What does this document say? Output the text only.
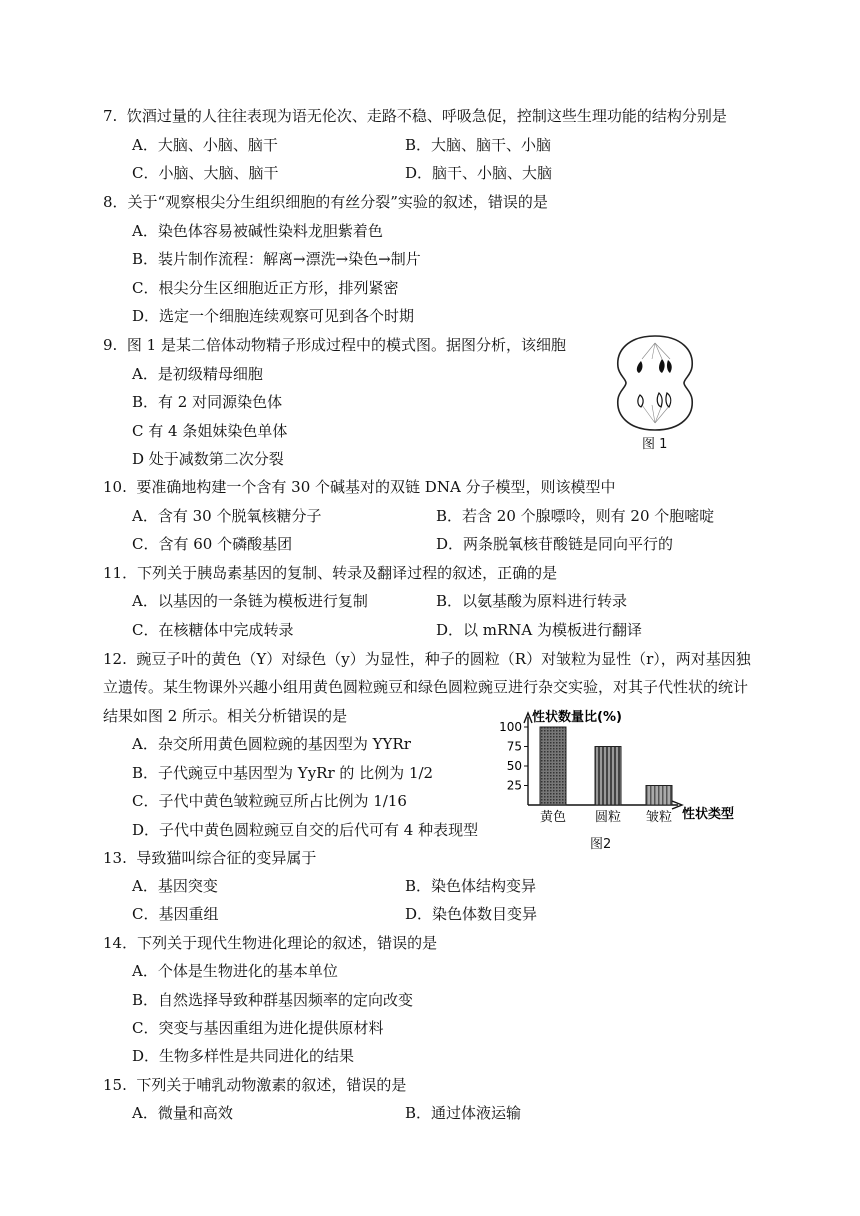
7. 饮酒过量的人往往表现为语无伦次、走路不稳、呼吸急促，控制这些生理功能的结构分别是
A．大脑、小脑、脑干	B．大脑、脑干、小脑
C．小脑、大脑、脑干	D．脑干、小脑、大脑
8．关于“观察根尖分生组织细胞的有丝分裂”实验的叙述，错误的是
A．染色体容易被碱性染料龙胆紫着色
B．装片制作流程：解离→漂洗→染色→制片
C．根尖分生区细胞近正方形，排列紧密
D．选定一个细胞连续观察可见到各个时期
9. 图 1 是某二倍体动物精子形成过程中的模式图。据图分析，该细胞
A．是初级精母细胞
B．有 2 对同源染色体
C 有 4 条姐妹染色单体
D 处于减数第二次分裂
图 1
10. 要准确地构建一个含有 30 个碱基对的双链 DNA 分子模型，则该模型中
A．含有 30 个脱氧核糖分子	B．若含 20 个腺嘌呤，则有 20 个胞嘧啶
C．含有 60 个磷酸基团	D．两条脱氧核苷酸链是同向平行的
11．下列关于胰岛素基因的复制、转录及翻译过程的叙述，正确的是
A．以基因的一条链为模板进行复制	B．以氨基酸为原料进行转录
C．在核糖体中完成转录	D．以 mRNA 为模板进行翻译
12. 豌豆子叶的黄色（Y）对绿色（y）为显性，种子的圆粒（R）对皱粒为显性（r），两对基因独
立遗传。某生物课外兴趣小组用黄色圆粒豌豆和绿色圆粒豌豆进行杂交实验，对其子代性状的统计
结果如图 2 所示。相关分析错误的是
A．杂交所用黄色圆粒豌的基因型为 YYRr
B．子代豌豆中基因型为 YyRr 的 比例为 1/2
C．子代中黄色皱粒豌豆所占比例为 1/16
D．子代中黄色圆粒豌豆自交的后代可有 4 种表现型
性状数量比(%)
性状类型
25
50
75
100
黄色 圆粒 皱粒
图2
13. 导致猫叫综合征的变异属于
A．基因突变	B．染色体结构变异
C．基因重组	D．染色体数目变异
14．下列关于现代生物进化理论的叙述，错误的是
A．个体是生物进化的基本单位
B．自然选择导致种群基因频率的定向改变
C．突变与基因重组为进化提供原材料
D．生物多样性是共同进化的结果
15. 下列关于哺乳动物激素的叙述，错误的是
A．微量和高效	B．通过体液运输
